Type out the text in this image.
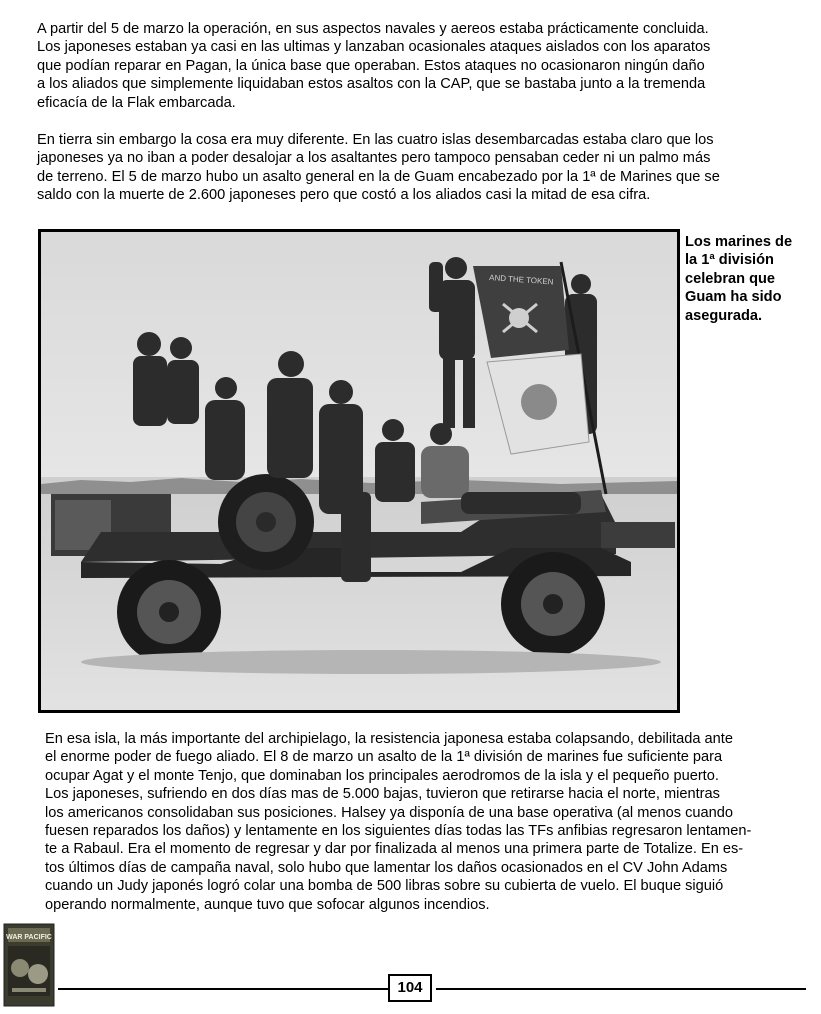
A partir del 5 de marzo la operación, en sus aspectos navales y aereos estaba prácticamente concluida.
Los japoneses estaban ya casi en las ultimas y lanzaban ocasionales ataques aislados con los aparatos
que podían reparar en Pagan, la única base que operaban. Estos ataques no ocasionaron ningún daño
a los aliados que simplemente liquidaban estos asaltos con la CAP, que se bastaba junto a la tremenda
eficacía de la Flak embarcada.

En tierra sin embargo la cosa era muy diferente. En las cuatro islas desembarcadas estaba claro que los
japoneses ya no iban a poder desalojar a los asaltantes pero tampoco pensaban ceder ni un palmo más
de terreno. El 5 de marzo hubo un asalto general en la de Guam encabezado por la 1ª de Marines que se
saldo con la muerte de 2.600 japoneses pero que costó a los aliados casi la mitad de esa cifra.

AND THE TOKEN

Los marines de
la 1ª división
celebran que
Guam ha sido
asegurada.

En esa isla, la más importante del archipielago, la resistencia japonesa estaba colapsando, debilitada ante
el enorme poder de fuego aliado. El 8 de marzo un asalto de la 1ª división de marines fue suficiente para
ocupar Agat y el monte Tenjo, que dominaban los principales aerodromos de la isla y el pequeño puerto.
Los japoneses, sufriendo en dos días mas de 5.000 bajas, tuvieron que retirarse hacia el norte, mientras
los americanos consolidaban sus posiciones. Halsey ya disponía de una base operativa (al menos cuando
fuesen reparados los daños) y lentamente en los siguientes días todas las TFs anfibias regresaron lentamen-
te a Rabaul. Era el momento de regresar y dar por finalizada al menos una primera parte de Totalize. En es-
tos últimos días de campaña naval, solo hubo que lamentar los daños ocasionados en el CV John Adams
cuando un Judy japonés logró colar una bomba de 500 libras sobre su cubierta de vuelo. El buque siguió
operando normalmente, aunque tuvo que sofocar algunos incendios.

WAR PACIFIC
104
